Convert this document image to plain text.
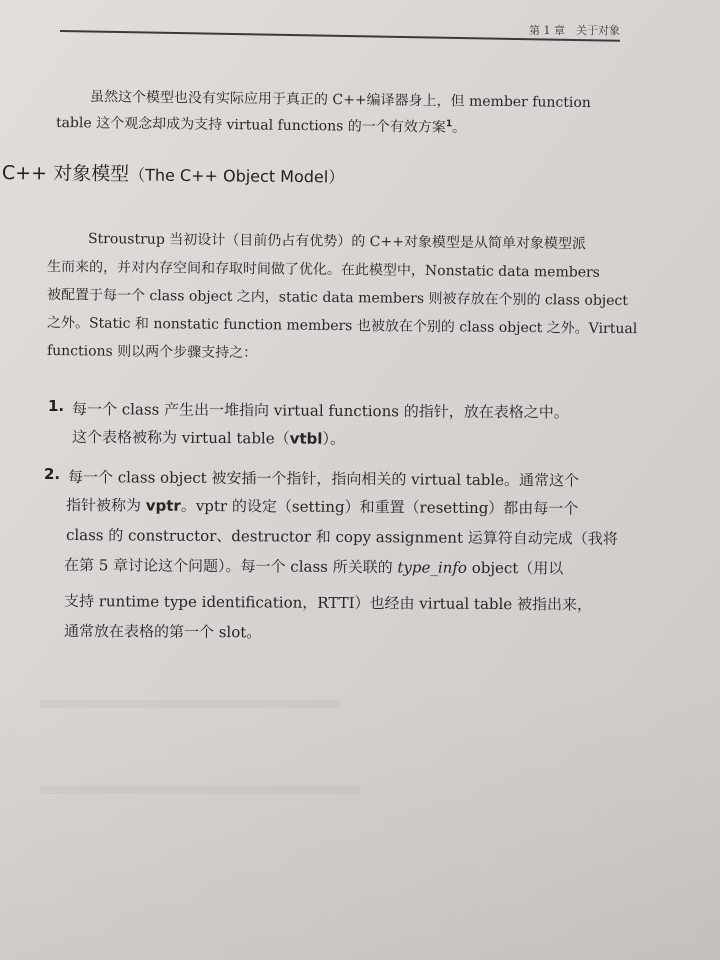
第 1 章　关于对象
虽然这个模型也没有实际应用于真正的 C++编译器身上，但 member function
table 这个观念却成为支持 virtual functions 的一个有效方案$^1$。
C++ 对象模型（The C++ Object Model）
Stroustrup 当初设计（目前仍占有优势）的 C++对象模型是从简单对象模型派
生而来的，并对内存空间和存取时间做了优化。在此模型中，Nonstatic data members
被配置于每一个 class object 之内，static data members 则被存放在个别的 class object
之外。Static 和 nonstatic function members 也被放在个别的 class object 之外。Virtual
functions 则以两个步骤支持之：
1. 每一个 class 产生出一堆指向 virtual functions 的指针，放在表格之中。
这个表格被称为 virtual table（vtbl）。
2. 每一个 class object 被安插一个指针，指向相关的 virtual table。通常这个
指针被称为 vptr。vptr 的设定（setting）和重置（resetting）都由每一个
class 的 constructor、destructor 和 copy assignment 运算符自动完成（我将
在第 5 章讨论这个问题）。每一个 class 所关联的 type_info object（用以
支持 runtime type identification，RTTI）也经由 virtual table 被指出来，
通常放在表格的第一个 slot。
